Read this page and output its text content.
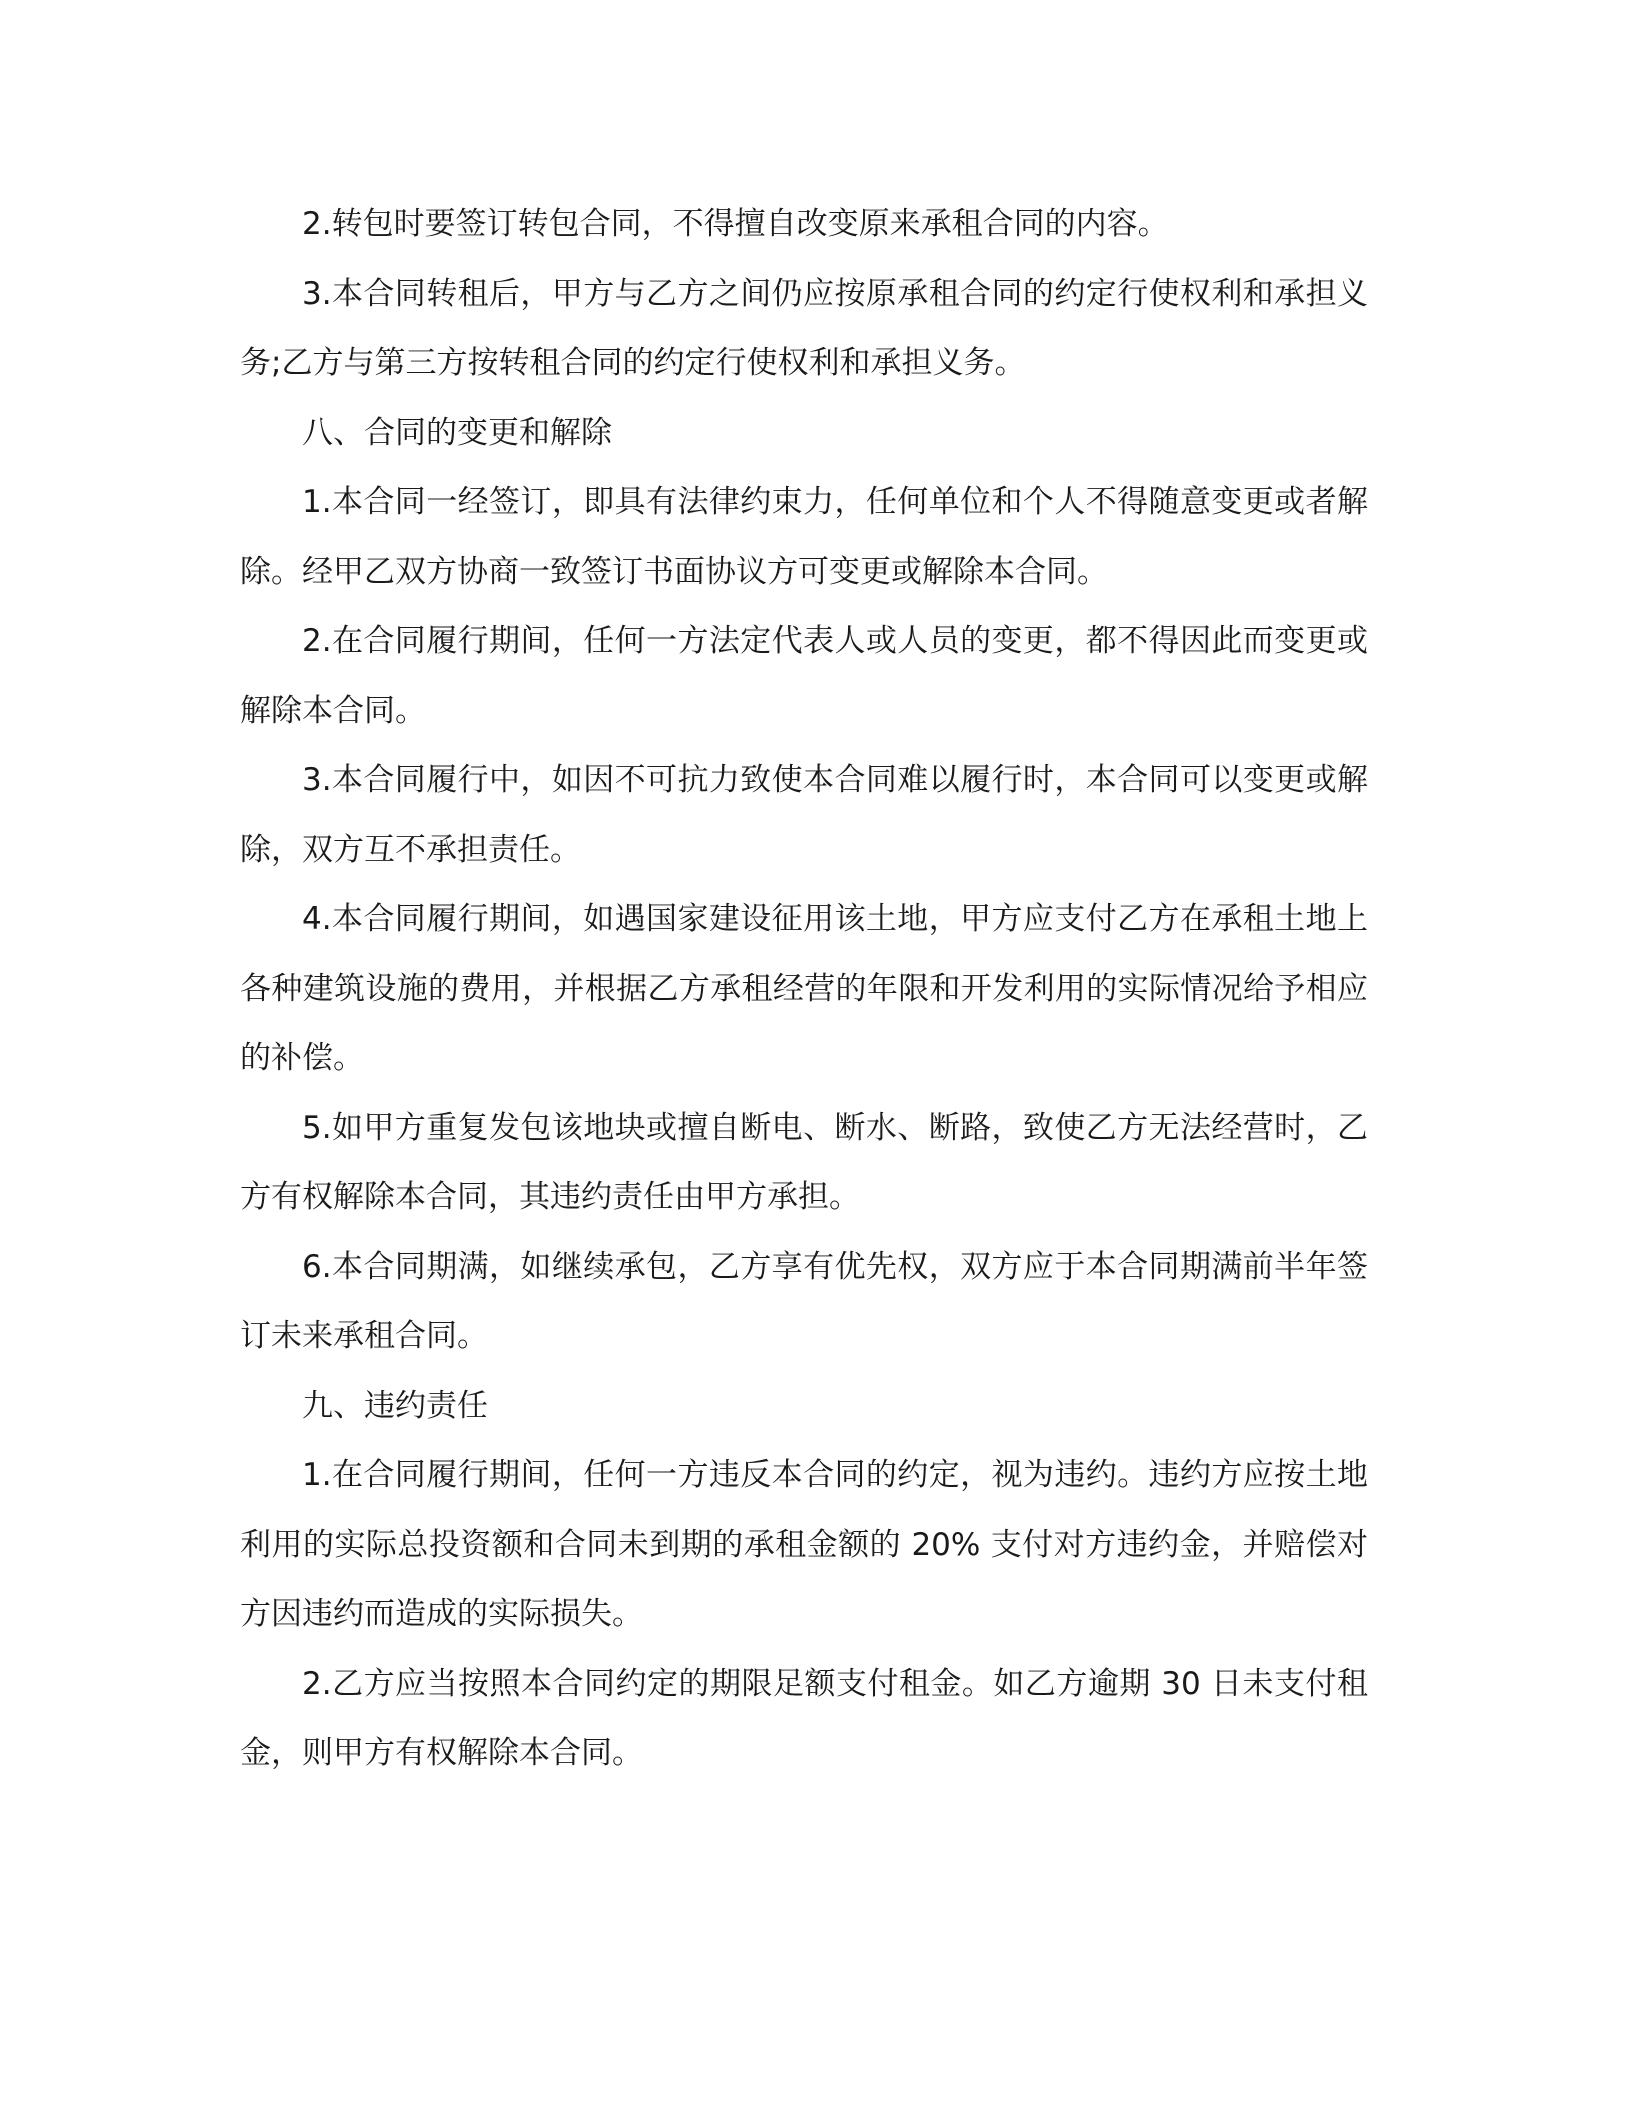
2.转包时要签订转包合同，不得擅自改变原来承租合同的内容。

3.本合同转租后，甲方与乙方之间仍应按原承租合同的约定行使权利和承担义务;乙方与第三方按转租合同的约定行使权利和承担义务。

八、合同的变更和解除

1.本合同一经签订，即具有法律约束力，任何单位和个人不得随意变更或者解除。经甲乙双方协商一致签订书面协议方可变更或解除本合同。

2.在合同履行期间，任何一方法定代表人或人员的变更，都不得因此而变更或解除本合同。

3.本合同履行中，如因不可抗力致使本合同难以履行时，本合同可以变更或解除，双方互不承担责任。

4.本合同履行期间，如遇国家建设征用该土地，甲方应支付乙方在承租土地上各种建筑设施的费用，并根据乙方承租经营的年限和开发利用的实际情况给予相应的补偿。

5.如甲方重复发包该地块或擅自断电、断水、断路，致使乙方无法经营时，乙方有权解除本合同，其违约责任由甲方承担。

6.本合同期满，如继续承包，乙方享有优先权，双方应于本合同期满前半年签订未来承租合同。

九、违约责任

1.在合同履行期间，任何一方违反本合同的约定，视为违约。违约方应按土地利用的实际总投资额和合同未到期的承租金额的 20% 支付对方违约金，并赔偿对方因违约而造成的实际损失。

2.乙方应当按照本合同约定的期限足额支付租金。如乙方逾期 30 日未支付租金，则甲方有权解除本合同。
